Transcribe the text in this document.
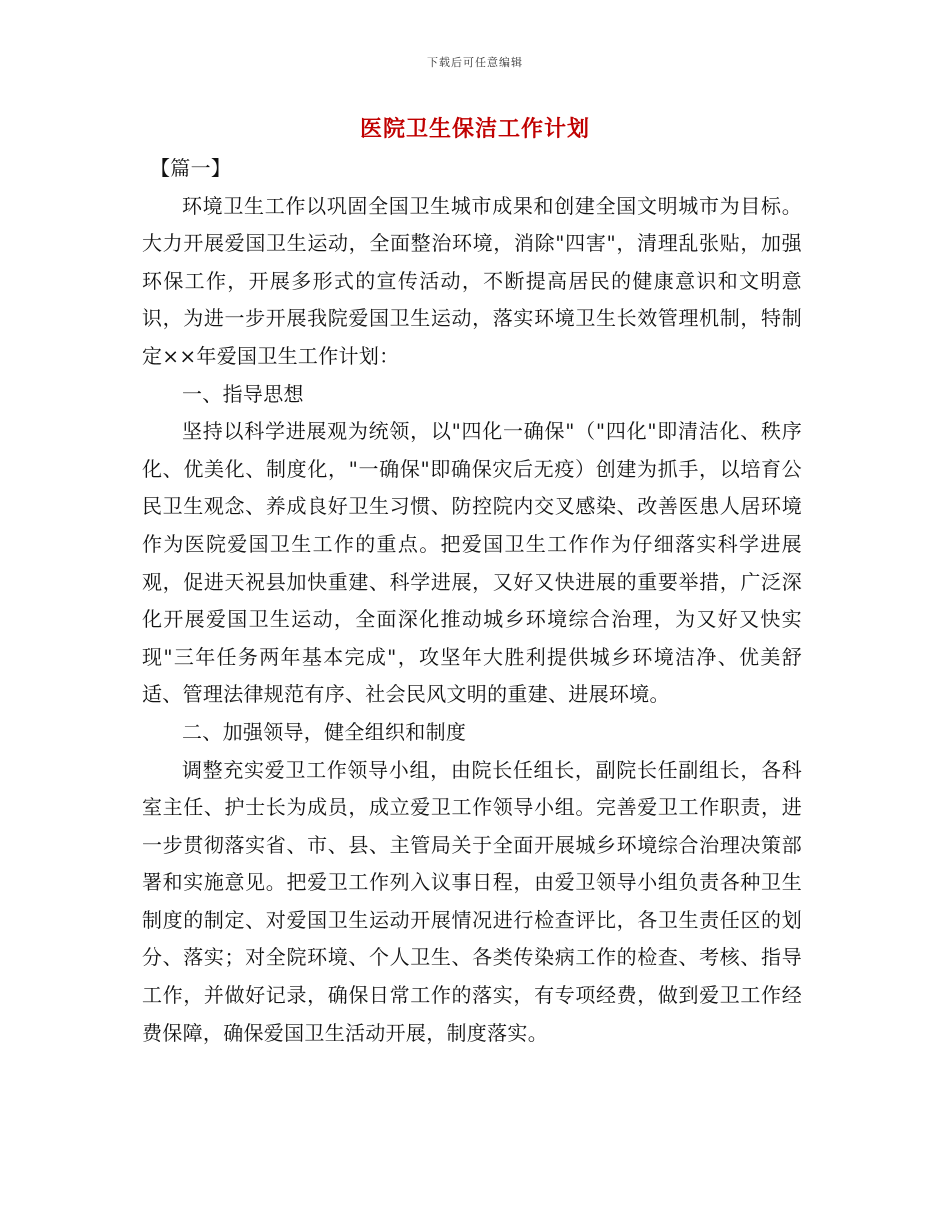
下载后可任意编辑
医院卫生保洁工作计划

【篇一】

环境卫生工作以巩固全国卫生城市成果和创建全国文明城市为目标。大力开展爱国卫生运动，全面整治环境，消除"四害"，清理乱张贴，加强环保工作，开展多形式的宣传活动，不断提高居民的健康意识和文明意识，为进一步开展我院爱国卫生运动，落实环境卫生长效管理机制，特制定××年爱国卫生工作计划：

一、指导思想

坚持以科学进展观为统领，以"四化一确保"（"四化"即清洁化、秩序化、优美化、制度化，"一确保"即确保灾后无疫）创建为抓手，以培育公民卫生观念、养成良好卫生习惯、防控院内交叉感染、改善医患人居环境作为医院爱国卫生工作的重点。把爱国卫生工作作为仔细落实科学进展观，促进天祝县加快重建、科学进展，又好又快进展的重要举措，广泛深化开展爱国卫生运动，全面深化推动城乡环境综合治理，为又好又快实现"三年任务两年基本完成"，攻坚年大胜利提供城乡环境洁净、优美舒适、管理法律规范有序、社会民风文明的重建、进展环境。

二、加强领导，健全组织和制度

调整充实爱卫工作领导小组，由院长任组长，副院长任副组长，各科室主任、护士长为成员，成立爱卫工作领导小组。完善爱卫工作职责，进一步贯彻落实省、市、县、主管局关于全面开展城乡环境综合治理决策部署和实施意见。把爱卫工作列入议事日程，由爱卫领导小组负责各种卫生制度的制定、对爱国卫生运动开展情况进行检查评比，各卫生责任区的划分、落实；对全院环境、个人卫生、各类传染病工作的检查、考核、指导工作，并做好记录，确保日常工作的落实，有专项经费，做到爱卫工作经费保障，确保爱国卫生活动开展，制度落实。
